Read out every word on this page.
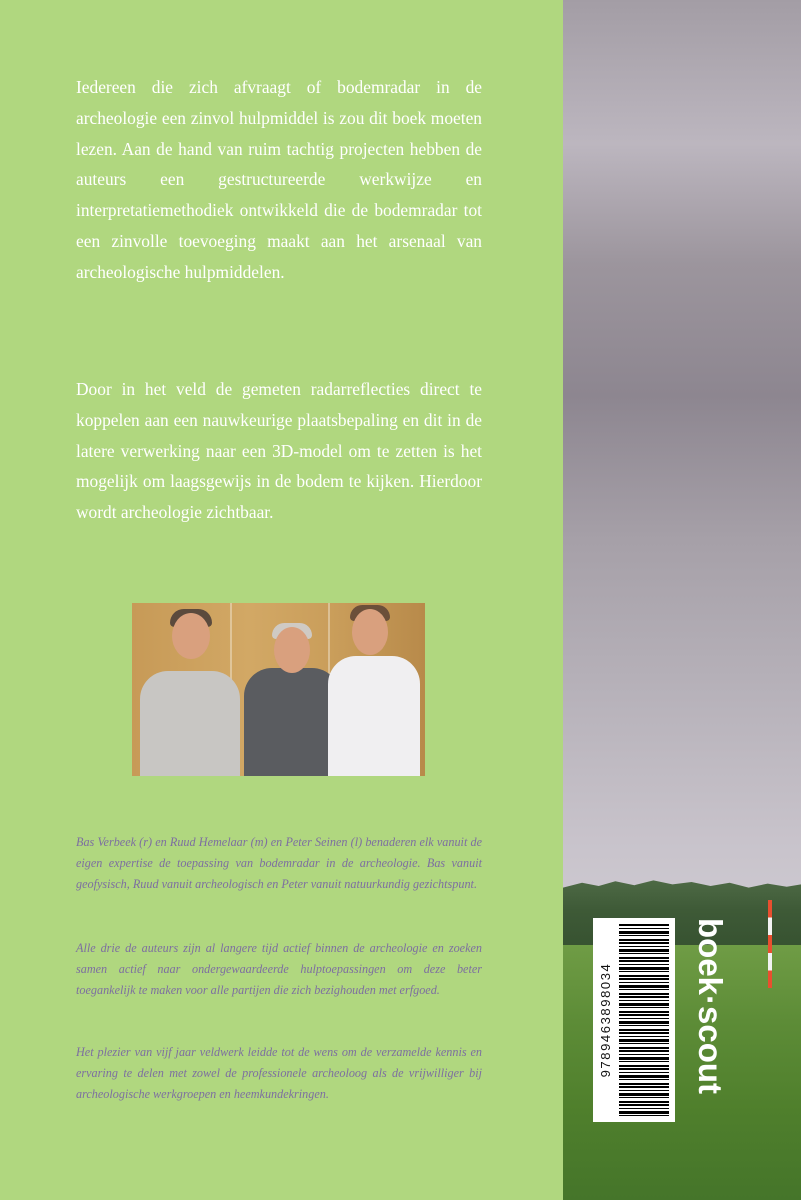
Iedereen die zich afvraagt of bodemradar in de archeologie een zinvol hulpmiddel is zou dit boek moeten lezen. Aan de hand van ruim tachtig projecten hebben de auteurs een gestructureerde werkwijze en interpretatiemethodiek ontwikkeld die de bodemradar tot een zinvolle toevoeging maakt aan het arsenaal van archeologische hulpmiddelen.

Door in het veld de gemeten radarreflecties direct te koppelen aan een nauwkeurige plaatsbepaling en dit in de latere verwerking naar een 3D-model om te zetten is het mogelijk om laagsgewijs in de bodem te kijken. Hierdoor wordt archeologie zichtbaar.

Bas Verbeek (r) en Ruud Hemelaar (m) en Peter Seinen (l) benaderen elk vanuit de eigen expertise de toepassing van bodemradar in de archeologie. Bas vanuit geofysisch, Ruud vanuit archeologisch en Peter vanuit natuurkundig gezichtspunt.

Alle drie de auteurs zijn al langere tijd actief binnen de archeologie en zoeken samen actief naar ondergewaardeerde hulptoepassingen om deze beter toegankelijk te maken voor alle partijen die zich bezighouden met erfgoed.

Het plezier van vijf jaar veldwerk leidde tot de wens om de verzamelde kennis en ervaring te delen met zowel de professionele archeoloog als de vrijwilliger bij archeologische werkgroepen en heemkundekringen.

9789463898034 boek·scout
